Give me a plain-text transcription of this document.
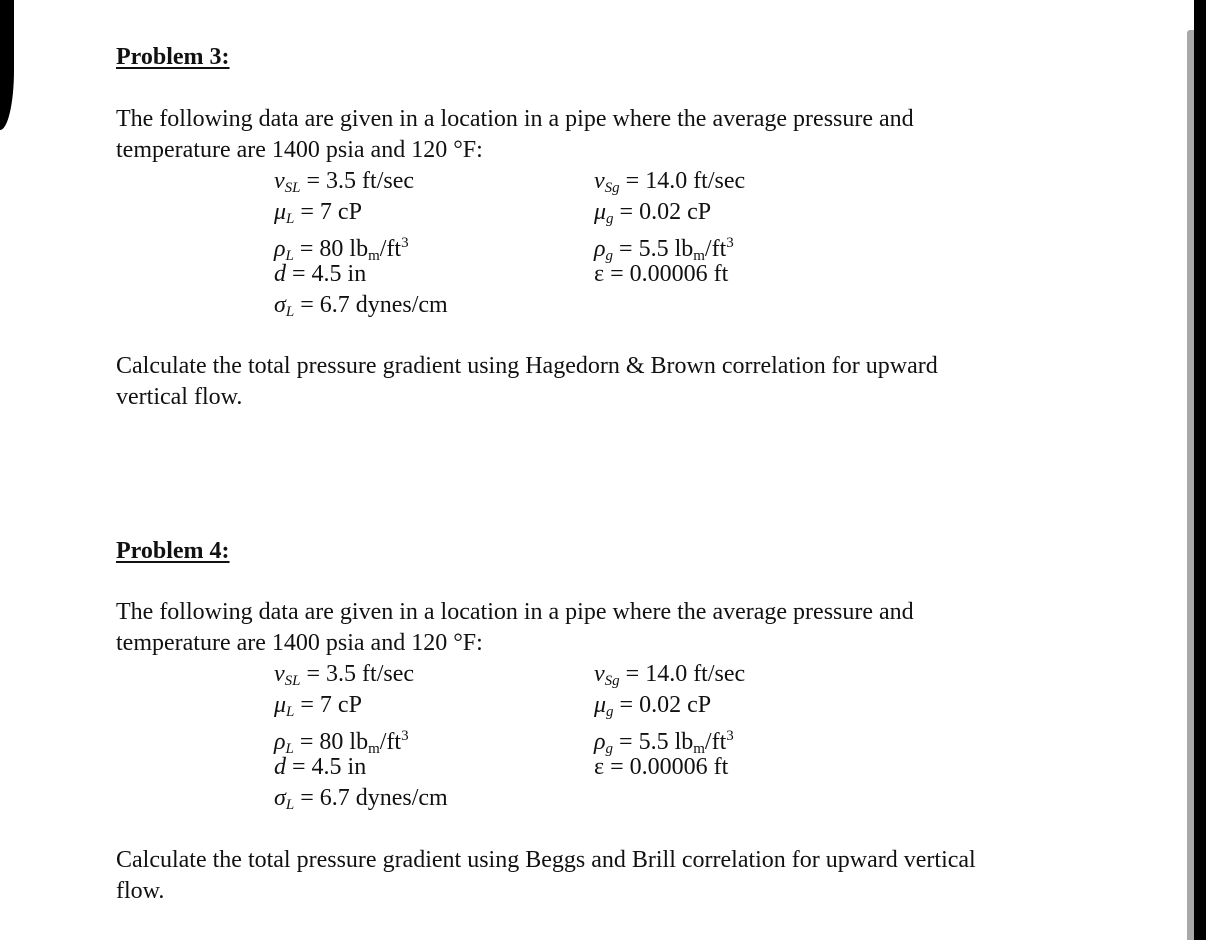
Problem 3:

The following data are given in a location in a pipe where the average pressure and
temperature are 1400 psia and 120 °F:

$v_{SL} = 3.5$ ft/sec
$\mu_L = 7$ cP
$\rho_L = 80$ lbm/$ft^3$
d = 4.5 in
$\sigma_L = 6.7$ dynes/cm
$v_{Sg} = 14.0$ ft/sec
$\mu_g = 0.02$ cP
$\rho_g = 5.5$ lbm/$ft^3$
ε = 0.00006 ft

Calculate the total pressure gradient using Hagedorn & Brown correlation for upward
vertical flow.

Problem 4:

The following data are given in a location in a pipe where the average pressure and
temperature are 1400 psia and 120 °F:

$v_{SL} = 3.5$ ft/sec
$\mu_L = 7$ cP
$\rho_L = 80$ lbm/$ft^3$
d = 4.5 in
$\sigma_L = 6.7$ dynes/cm
$v_{Sg} = 14.0$ ft/sec
$\mu_g = 0.02$ cP
$\rho_g = 5.5$ lbm/$ft^3$
ε = 0.00006 ft

Calculate the total pressure gradient using Beggs and Brill correlation for upward vertical
flow.
